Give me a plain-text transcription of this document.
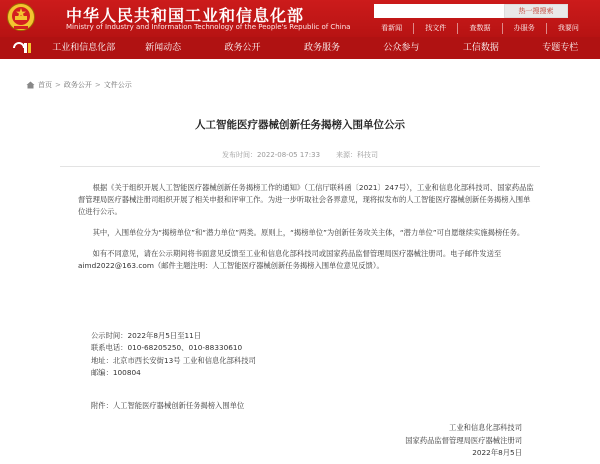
中华人民共和国工业和信息化部
Ministry of Industry and Information Technology of the People's Republic of China
热一搜搜索
看新闻	找文件	查数据	办服务	我要问
工业和信息化部	新闻动态	政务公开	政务服务	公众参与	工信数据	专题专栏
首页 > 政务公开 > 文件公示
人工智能医疗器械创新任务揭榜入围单位公示
发布时间：2022-08-05 17:33 来源：科技司

根据《关于组织开展人工智能医疗器械创新任务揭榜工作的通知》（工信厅联科函〔2021〕247号），工业和信息化部科技司、国家药品监督管理局医疗器械注册司组织开展了相关申报和评审工作。为进一步听取社会各界意见，现将拟发布的人工智能医疗器械创新任务揭榜入围单位进行公示。

其中，入围单位分为“揭榜单位”和“潜力单位”两类。原则上，“揭榜单位”为创新任务攻关主体，“潜力单位”可自愿继续实施揭榜任务。

如有不同意见，请在公示期间将书面意见反馈至工业和信息化部科技司或国家药品监督管理局医疗器械注册司。电子邮件发送至aimd2022@163.com（邮件主题注明：人工智能医疗器械创新任务揭榜入围单位意见反馈）。

公示时间：2022年8月5日至11日
联系电话：010-68205250、010-88330610
地址：北京市西长安街13号 工业和信息化部科技司
邮编：100804
附件：人工智能医疗器械创新任务揭榜入围单位
工业和信息化部科技司
国家药品监督管理局医疗器械注册司
2022年8月5日
